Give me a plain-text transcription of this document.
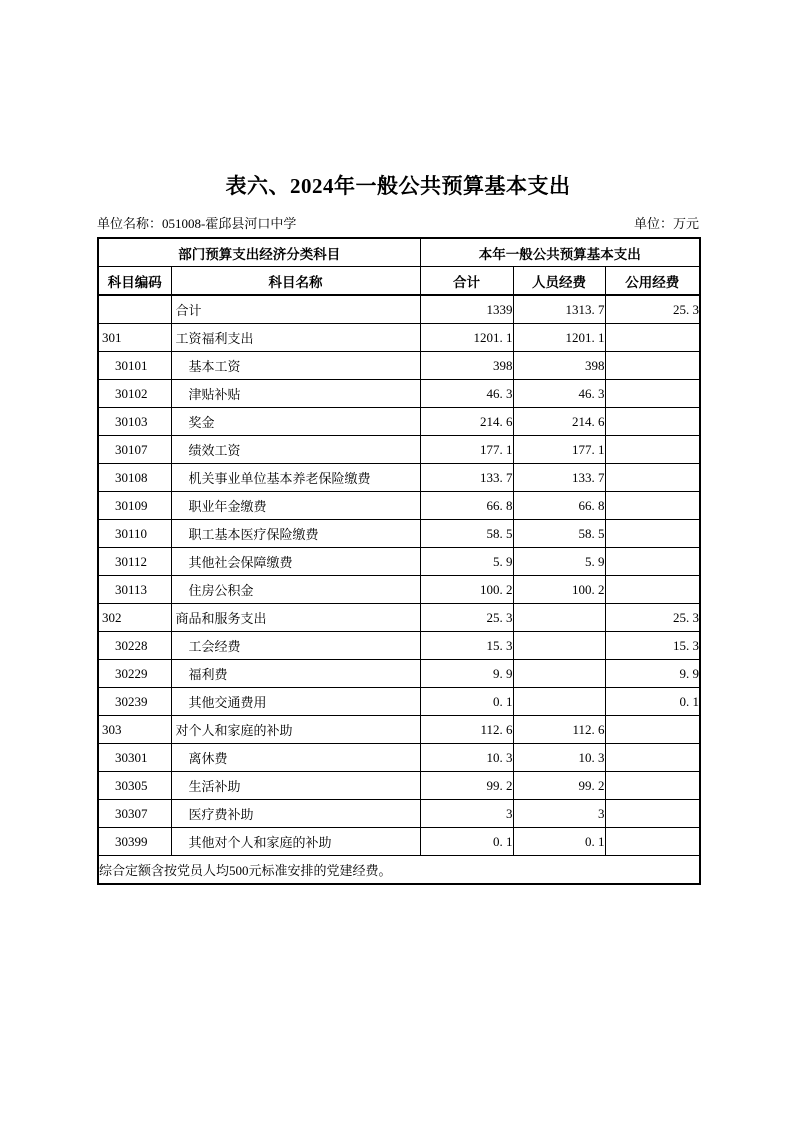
表六、2024年一般公共预算基本支出
单位名称：051008-霍邱县河口中学	单位：万元
部门预算支出经济分类科目		本年一般公共预算基本支出		
科目编码	科目名称	合计	人员经费	公用经费
	合计	1339	1313. 7	25. 3
301	工资福利支出	1201. 1	1201. 1	
30101	基本工资	398	398	
30102	津贴补贴	46. 3	46. 3	
30103	奖金	214. 6	214. 6	
30107	绩效工资	177. 1	177. 1	
30108	机关事业单位基本养老保险缴费	133. 7	133. 7	
30109	职业年金缴费	66. 8	66. 8	
30110	职工基本医疗保险缴费	58. 5	58. 5	
30112	其他社会保障缴费	5. 9	5. 9	
30113	住房公积金	100. 2	100. 2	
302	商品和服务支出	25. 3		25. 3
30228	工会经费	15. 3		15. 3
30229	福利费	9. 9		9. 9
30239	其他交通费用	0. 1		0. 1
303	对个人和家庭的补助	112. 6	112. 6	
30301	离休费	10. 3	10. 3	
30305	生活补助	99. 2	99. 2	
30307	医疗费补助	3	3	
30399	其他对个人和家庭的补助	0. 1	0. 1	
综合定额含按党员人均500元标准安排的党建经费。				
